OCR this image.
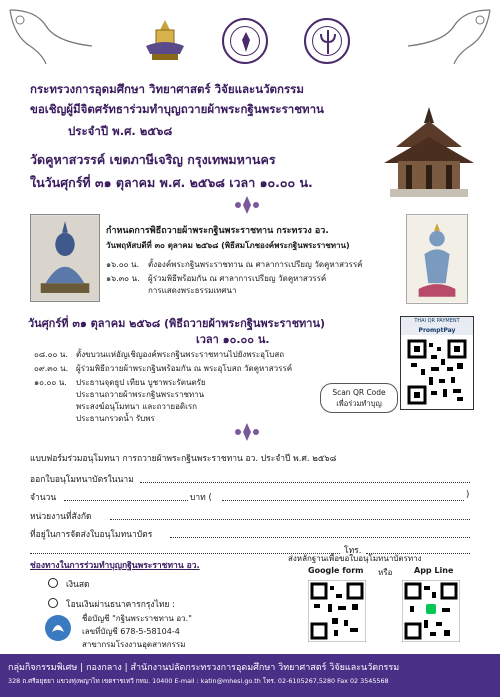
กระทรวงการอุดมศึกษา วิทยาศาสตร์ วิจัยและนวัตกรรม
ขอเชิญผู้มีจิตศรัทธาร่วมทำบุญถวายผ้าพระกฐินพระราชทาน
ประจำปี พ.ศ. ๒๕๖๘
วัดคูหาสวรรค์ เขตภาษีเจริญ กรุงเทพมหานคร
ในวันศุกร์ที่ ๓๑ ตุลาคม พ.ศ. ๒๕๖๘ เวลา ๑๐.๐๐ น.
กำหนดการพิธีถวายผ้าพระกฐินพระราชทาน กระทรวง อว.
วันพฤหัสบดีที่ ๓๐ ตุลาคม ๒๕๖๘ (พิธีสมโภชองค์พระกฐินพระราชทาน)
๑๖.๐๐ น. ตั้งองค์พระกฐินพระราชทาน ณ ศาลาการเปรียญ วัดคูหาสวรรค์
๑๖.๓๐ น. ผู้ร่วมพิธีพร้อมกัน ณ ศาลาการเปรียญ วัดคูหาสวรรค์
การแสดงพระธรรมเทศนา
วันศุกร์ที่ ๓๑ ตุลาคม ๒๕๖๘ (พิธีถวายผ้าพระกฐินพระราชทาน)
เวลา ๑๐.๐๐ น.
๐๘.๐๐ น. ตั้งขบวนแห่อัญเชิญองค์พระกฐินพระราชทานไปยังพระอุโบสถ
๐๙.๓๐ น. ผู้ร่วมพิธีถวายผ้าพระกฐินพร้อมกัน ณ พระอุโบสถ วัดคูหาสวรรค์
๑๐.๐๐ น. ประธานจุดธูป เทียน บูชาพระรัตนตรัย
ประธานถวายผ้าพระกฐินพระราชทาน
พระสงฆ์อนุโมทนา และถวายอดิเรก
ประธานกรวดน้ำ รับพร
THAI QR PAYMENT
PromptPay
Scan QR Code
เพื่อร่วมทำบุญ
แบบฟอร์มร่วมอนุโมทนา การถวายผ้าพระกฐินพระราชทาน อว. ประจำปี พ.ศ. ๒๕๖๘
ออกใบอนุโมทนาบัตรในนาม
จำนวน	บาท (	)
หน่วยงานที่สังกัด
ที่อยู่ในการจัดส่งใบอนุโมทนาบัตร
โทร.
ช่องทางในการร่วมทำบุญกฐินพระราชทาน อว.
เงินสด
โอนเงินผ่านธนาคารกรุงไทย :
ชื่อบัญชี "กฐินพระราชทาน อว."
เลขที่บัญชี 678-5-58104-4
สาขากรมโรงงานอุตสาหกรรม
ส่งหลักฐานเพื่อขอใบอนุโมทนาบัตรทาง
Google form หรือ	App Line
กลุ่มกิจกรรมพิเศษ | กองกลาง | สำนักงานปลัดกระทรวงการอุดมศึกษา วิทยาศาสตร์ วิจัยและนวัตกรรม
328 ถ.ศรีอยุธยา แขวงทุ่งพญาไท เขตราชเทวี กทม. 10400 E-mail : katin@mhesi.go.th โทร. 02-6105267,5280 Fax 02 3545568
